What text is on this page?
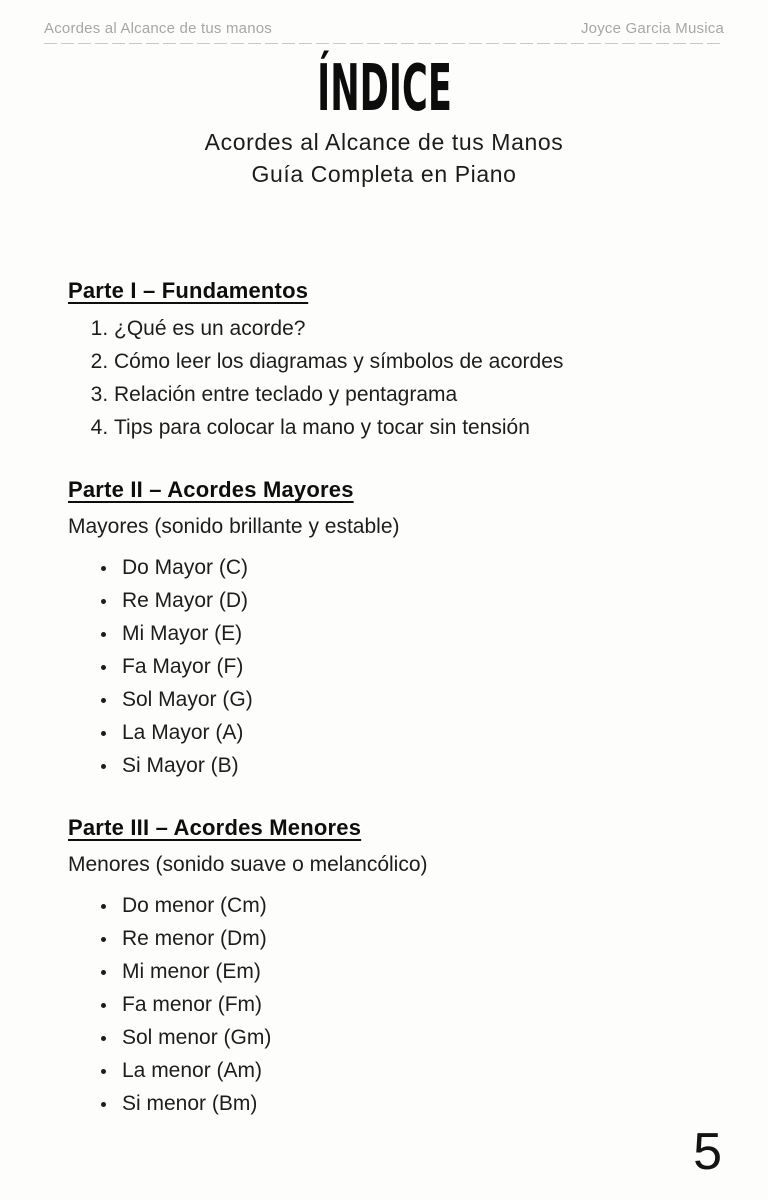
Acordes al Alcance de tus manos	Joyce Garcia Musica
ÍNDICE
Acordes al Alcance de tus Manos
Guía Completa en Piano
Parte I – Fundamentos
1. ¿Qué es un acorde?
2. Cómo leer los diagramas y símbolos de acordes
3. Relación entre teclado y pentagrama
4. Tips para colocar la mano y tocar sin tensión
Parte II – Acordes Mayores

Mayores (sonido brillante y estable)

• Do Mayor (C)
• Re Mayor (D)
• Mi Mayor (E)
• Fa Mayor (F)
• Sol Mayor (G)
• La Mayor (A)
• Si Mayor (B)
Parte III – Acordes Menores

Menores (sonido suave o melancólico)

• Do menor (Cm)
• Re menor (Dm)
• Mi menor (Em)
• Fa menor (Fm)
• Sol menor (Gm)
• La menor (Am)
• Si menor (Bm)
5
